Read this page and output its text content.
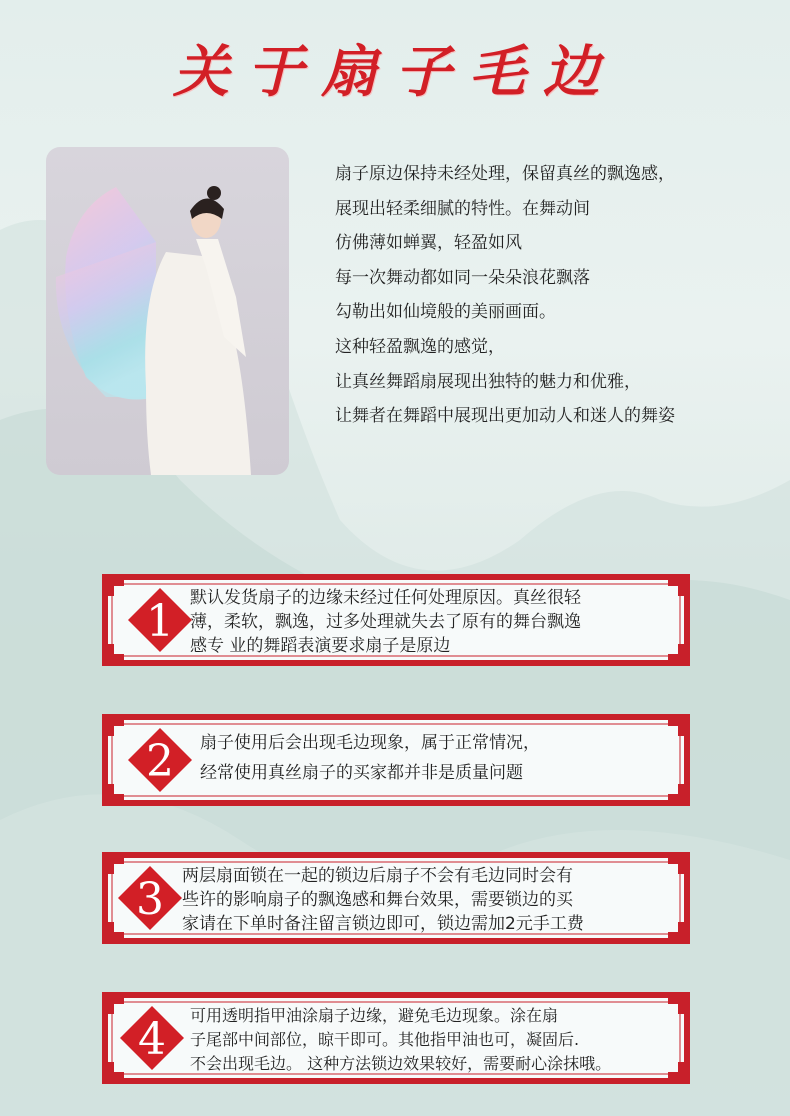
关于扇子毛边
扇子原边保持未经处理，保留真丝的飘逸感，
展现出轻柔细腻的特性。在舞动间
仿佛薄如蝉翼，轻盈如风
每一次舞动都如同一朵朵浪花飘落
勾勒出如仙境般的美丽画面。
这种轻盈飘逸的感觉，
让真丝舞蹈扇展现出独特的魅力和优雅，
让舞者在舞蹈中展现出更加动人和迷人的舞姿
1 默认发货扇子的边缘未经过任何处理原因。真丝很轻
薄，柔软，飘逸，过多处理就失去了原有的舞台飘逸
感专 业的舞蹈表演要求扇子是原边
2	扇子使用后会出现毛边现象，属于正常情况，
经常使用真丝扇子的买家都并非是质量问题
3	两层扇面锁在一起的锁边后扇子不会有毛边同时会有
些许的影响扇子的飘逸感和舞台效果，需要锁边的买
家请在下单时备注留言锁边即可，锁边需加2元手工费
4	可用透明指甲油涂扇子边缘，避免毛边现象。涂在扇
子尾部中间部位，晾干即可。其他指甲油也可，凝固后.
不会出现毛边。 这种方法锁边效果较好，需要耐心涂抹哦。
